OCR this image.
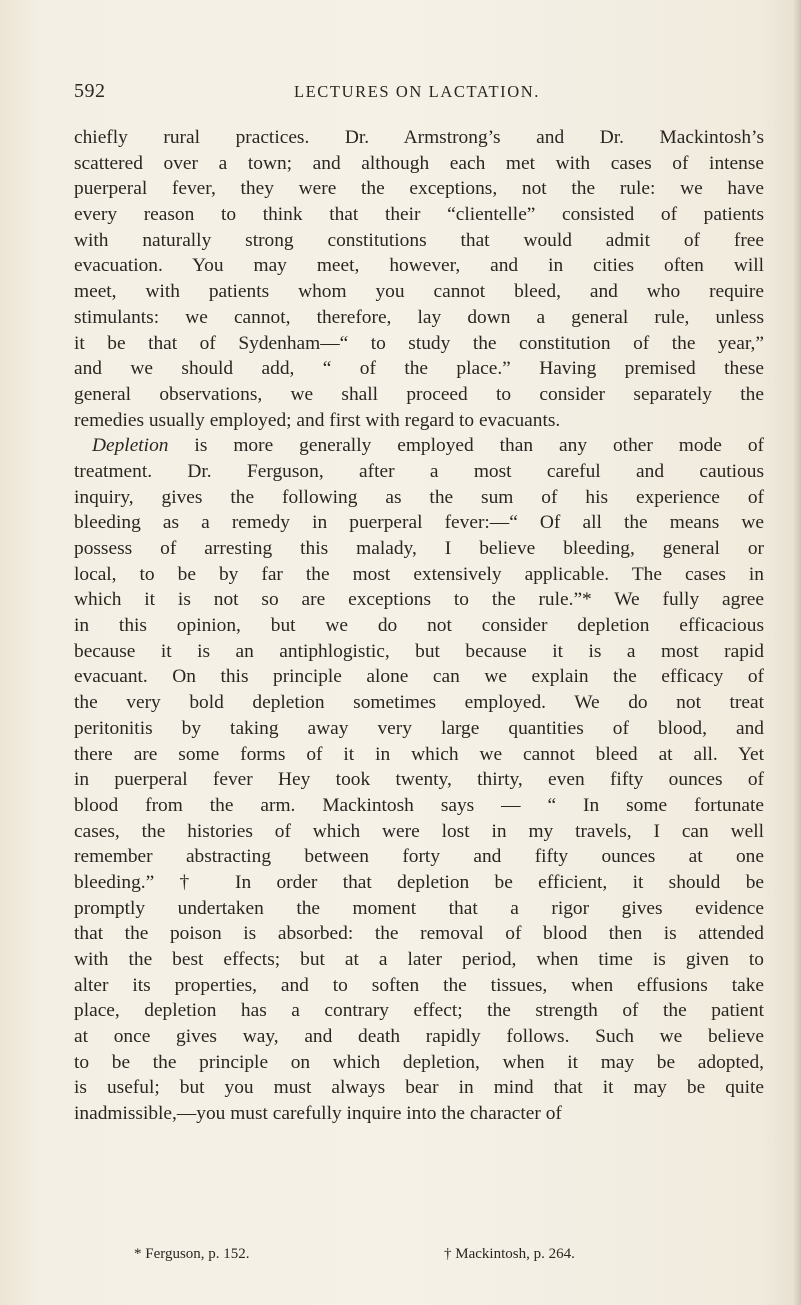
592	LECTURES ON LACTATION.
chiefly rural practices. Dr. Armstrong’s and Dr. Mackintosh’s
scattered over a town; and although each met with cases of intense
puerperal fever, they were the exceptions, not the rule: we have
every reason to think that their “clientelle” consisted of patients
with naturally strong constitutions that would admit of free
evacuation. You may meet, however, and in cities often will
meet, with patients whom you cannot bleed, and who require
stimulants: we cannot, therefore, lay down a general rule, unless
it be that of Sydenham—“ to study the constitution of the year,”
and we should add, “ of the place.” Having premised these
general observations, we shall proceed to consider separately the
remedies usually employed; and first with regard to evacuants.
Depletion is more generally employed than any other mode of
treatment. Dr. Ferguson, after a most careful and cautious
inquiry, gives the following as the sum of his experience of
bleeding as a remedy in puerperal fever:—“ Of all the means we
possess of arresting this malady, I believe bleeding, general or
local, to be by far the most extensively applicable. The cases in
which it is not so are exceptions to the rule.”* We fully agree
in this opinion, but we do not consider depletion efficacious
because it is an antiphlogistic, but because it is a most rapid
evacuant. On this principle alone can we explain the efficacy of
the very bold depletion sometimes employed. We do not treat
peritonitis by taking away very large quantities of blood, and
there are some forms of it in which we cannot bleed at all. Yet
in puerperal fever Hey took twenty, thirty, even fifty ounces of
blood from the arm. Mackintosh says — “ In some fortunate
cases, the histories of which were lost in my travels, I can well
remember abstracting between forty and fifty ounces at one
bleeding.” † In order that depletion be efficient, it should be
promptly undertaken the moment that a rigor gives evidence
that the poison is absorbed: the removal of blood then is attended
with the best effects; but at a later period, when time is given to
alter its properties, and to soften the tissues, when effusions take
place, depletion has a contrary effect; the strength of the patient
at once gives way, and death rapidly follows. Such we believe
to be the principle on which depletion, when it may be adopted,
is useful; but you must always bear in mind that it may be quite
inadmissible,—you must carefully inquire into the character of
* Ferguson, p. 152.	† Mackintosh, p. 264.
